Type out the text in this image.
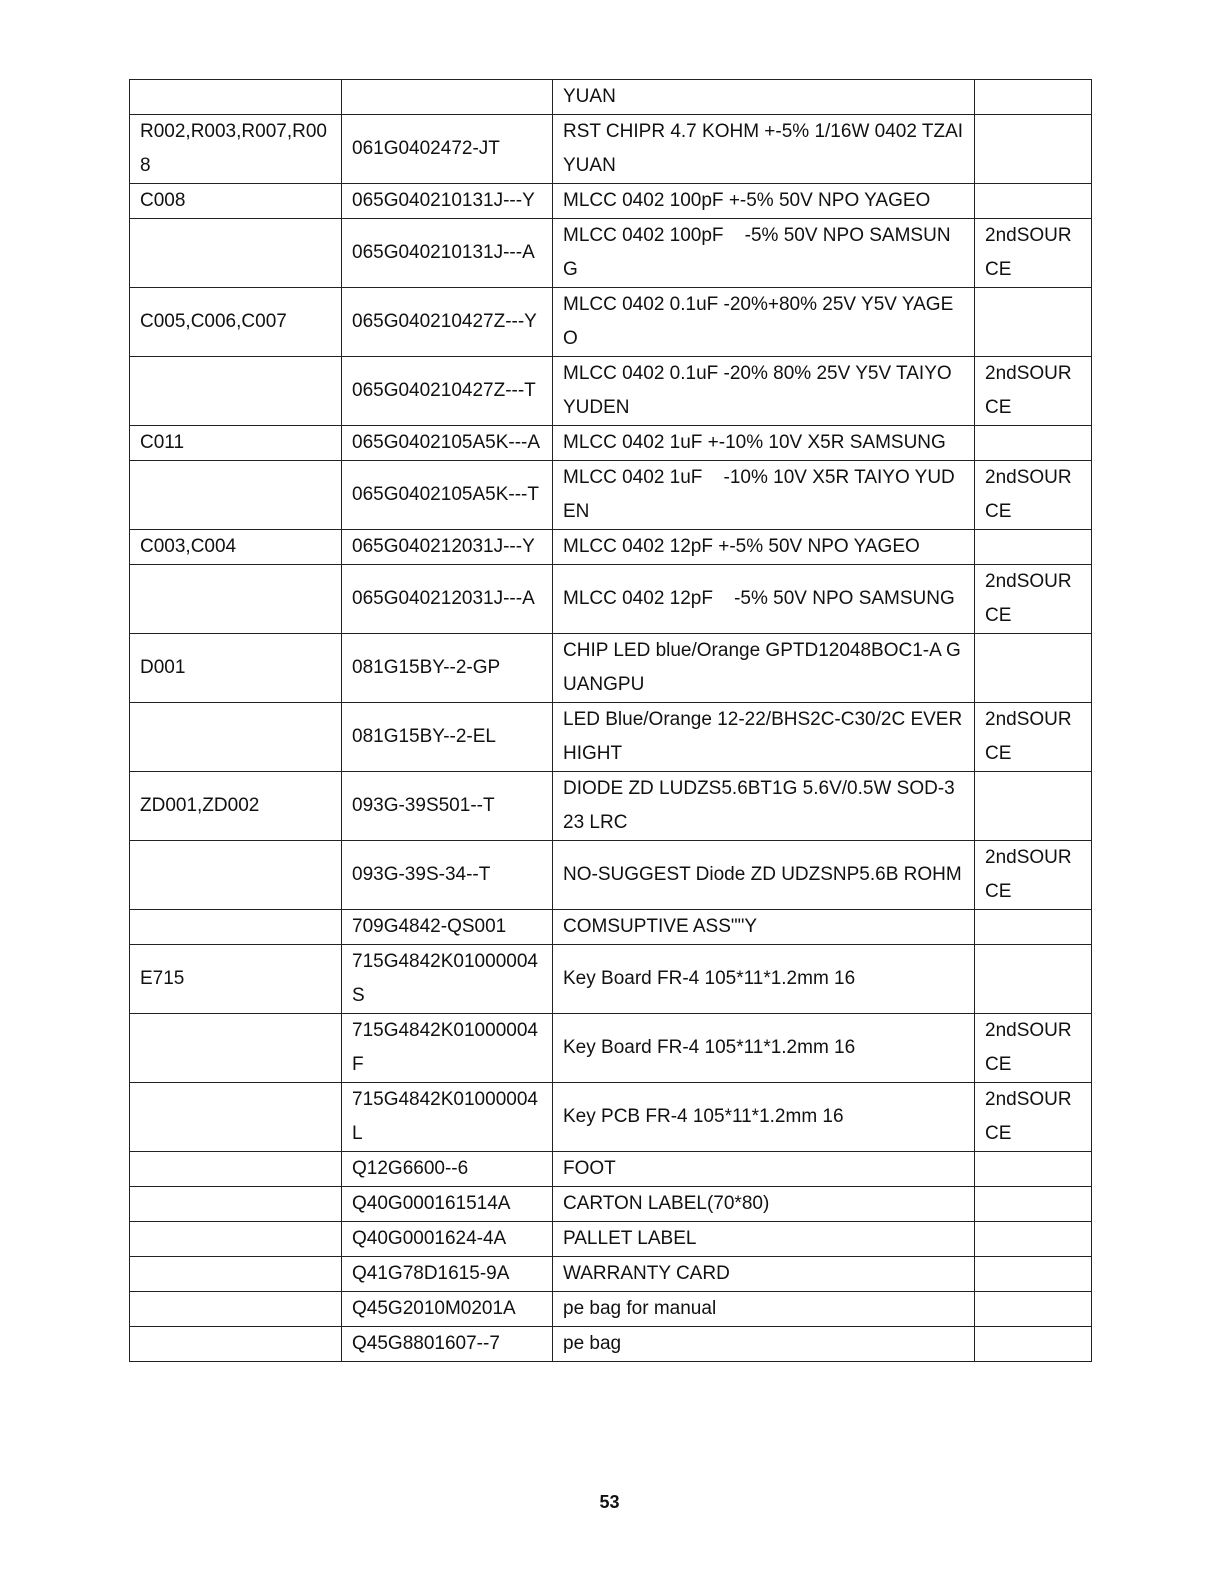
		YUAN	
R002,R003,R007,R008	061G0402472-JT	RST CHIPR 4.7 KOHM +-5% 1/16W 0402 TZAI YUAN	
C008	065G040210131J---Y	MLCC 0402 100pF +-5% 50V NPO YAGEO	
	065G040210131J---A	MLCC 0402 100pF    -5% 50V NPO SAMSUNG	2ndSOURCE
C005,C006,C007	065G040210427Z---Y	MLCC 0402 0.1uF -20%+80% 25V Y5V YAGEO	
	065G040210427Z---T	MLCC 0402 0.1uF -20% 80% 25V Y5V TAIYO YUDEN	2ndSOURCE
C011	065G0402105A5K---A	MLCC 0402 1uF +-10% 10V X5R SAMSUNG	
	065G0402105A5K---T	MLCC 0402 1uF    -10% 10V X5R TAIYO YUDEN	2ndSOURCE
C003,C004	065G040212031J---Y	MLCC 0402 12pF +-5% 50V NPO YAGEO	
	065G040212031J---A	MLCC 0402 12pF    -5% 50V NPO SAMSUNG	2ndSOURCE
D001	081G15BY--2-GP	CHIP LED blue/Orange GPTD12048BOC1-A GUANGPU	
	081G15BY--2-EL	LED Blue/Orange 12-22/BHS2C-C30/2C EVERHIGHT	2ndSOURCE
ZD001,ZD002	093G-39S501--T	DIODE ZD LUDZS5.6BT1G 5.6V/0.5W SOD-323 LRC	
	093G-39S-34--T	NO-SUGGEST Diode ZD UDZSNP5.6B ROHM	2ndSOURCE
	709G4842-QS001	COMSUPTIVE ASS""Y	
E715	715G4842K01000004S	Key Board FR-4 105*11*1.2mm 16	
	715G4842K01000004F	Key Board FR-4 105*11*1.2mm 16	2ndSOURCE
	715G4842K01000004L	Key PCB FR-4 105*11*1.2mm 16	2ndSOURCE
	Q12G6600--6	FOOT	
	Q40G000161514A	CARTON LABEL(70*80)	
	Q40G0001624-4A	PALLET LABEL	
	Q41G78D1615-9A	WARRANTY CARD	
	Q45G2010M0201A	pe bag for manual	
	Q45G8801607--7	pe bag	
53
